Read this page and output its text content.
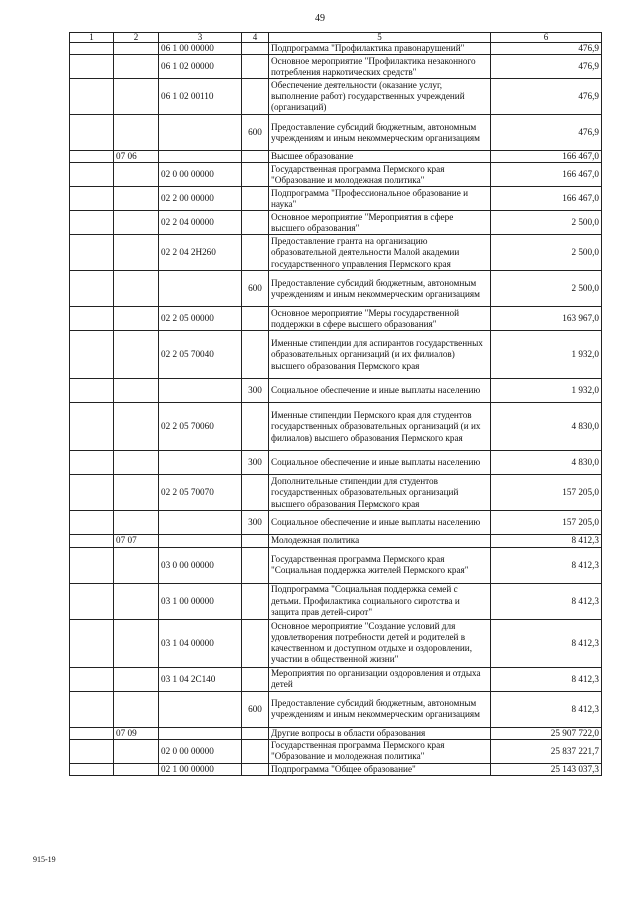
49
1	2	3	4	5	6
		06 1 00 00000		Подпрограмма "Профилактика правонарушений"	476,9
		06 1 02 00000		Основное мероприятие "Профилактика незаконного потребления наркотических средств"	476,9
		06 1 02 00110		Обеспечение деятельности (оказание услуг, выполнение работ) государственных учреждений (организаций)	476,9
			600	Предоставление субсидий бюджетным, автономным учреждениям и иным некоммерческим организациям	476,9
	07 06			Высшее образование	166 467,0
		02 0 00 00000		Государственная программа Пермского края "Образование и молодежная политика"	166 467,0
		02 2 00 00000		Подпрограмма "Профессиональное образование и наука"	166 467,0
		02 2 04 00000		Основное мероприятие "Мероприятия в сфере высшего образования"	2 500,0
		02 2 04 2Н260		Предоставление гранта на организацию образовательной деятельности Малой академии государственного управления Пермского края	2 500,0
			600	Предоставление субсидий бюджетным, автономным учреждениям и иным некоммерческим организациям	2 500,0
		02 2 05 00000		Основное мероприятие "Меры государственной поддержки в сфере высшего образования"	163 967,0
		02 2 05 70040		Именные стипендии для аспирантов государственных образовательных организаций (и их филиалов) высшего образования Пермского края	1 932,0
			300	Социальное обеспечение и иные выплаты населению	1 932,0
		02 2 05 70060		Именные стипендии Пермского края для студентов государственных образовательных организаций (и их филиалов) высшего образования Пермского края	4 830,0
			300	Социальное обеспечение и иные выплаты населению	4 830,0
		02 2 05 70070		Дополнительные стипендии для студентов государственных образовательных организаций высшего образования Пермского края	157 205,0
			300	Социальное обеспечение и иные выплаты населению	157 205,0
	07 07			Молодежная политика	8 412,3
		03 0 00 00000		Государственная программа Пермского края "Социальная поддержка жителей Пермского края"	8 412,3
		03 1 00 00000		Подпрограмма "Социальная поддержка семей с детьми. Профилактика социального сиротства и защита прав детей-сирот"	8 412,3
		03 1 04 00000		Основное мероприятие "Создание условий для удовлетворения потребности детей и родителей в качественном и доступном отдыхе и оздоровлении, участии в общественной жизни"	8 412,3
		03 1 04 2С140		Мероприятия по организации оздоровления и отдыха детей	8 412,3
			600	Предоставление субсидий бюджетным, автономным учреждениям и иным некоммерческим организациям	8 412,3
	07 09			Другие вопросы в области образования	25 907 722,0
		02 0 00 00000		Государственная программа Пермского края "Образование и молодежная политика"	25 837 221,7
		02 1 00 00000		Подпрограмма "Общее образование"	25 143 037,3
915-19
